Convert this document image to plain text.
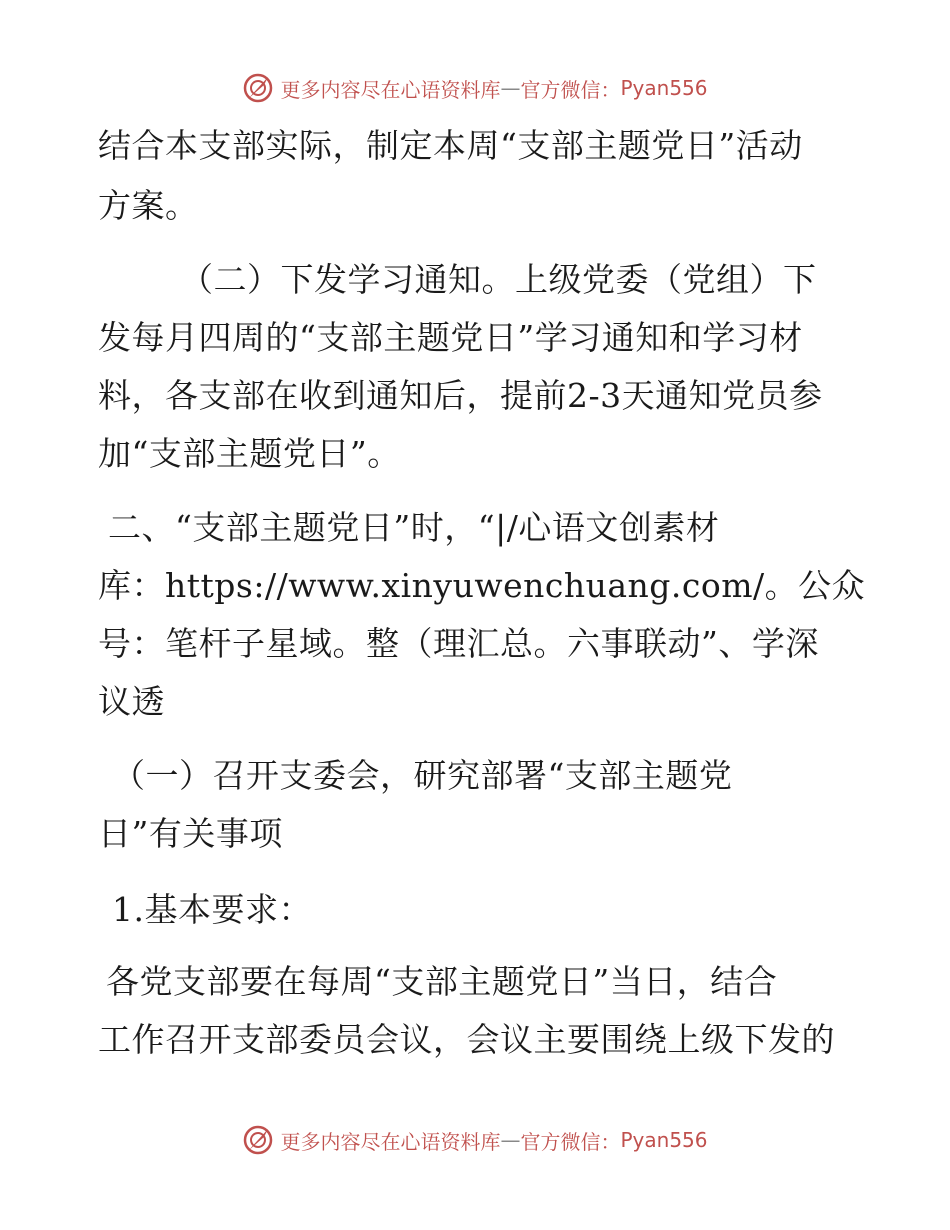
更多内容尽在心语资料库 — 官方微信： Pyan556
结合本支部实际，制定本周“支部主题党日”活动
方案。
（二）下发学习通知。上级党委（党组）下
发每月四周的“支部主题党日”学习通知和学习材
料，各支部在收到通知后，提前2-3天通知党员参
加“支部主题党日”。
二、“支部主题党日”时，“|/心语文创素材
库：https://www.xinyuwenchuang.com/。公众
号：笔杆子星域。整（理汇总。六事联动”、学深
议透
（一）召开支委会，研究部署“支部主题党
日”有关事项
1.基本要求：
各党支部要在每周“支部主题党日”当日，结合
工作召开支部委员会议，会议主要围绕上级下发的
更多内容尽在心语资料库 — 官方微信： Pyan556
